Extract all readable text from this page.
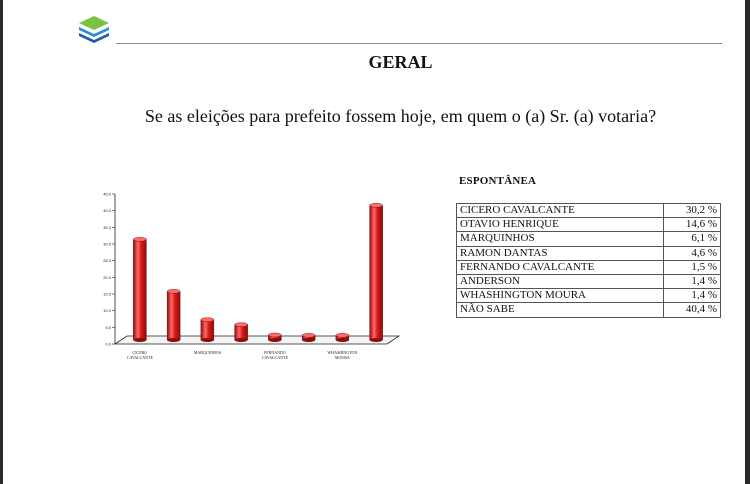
GERAL
Se as eleições para prefeito fossem hoje, em quem o (a) Sr. (a) votaria?
0.0
5.0
10.0
15.0
20.0
25.0
30.0
35.0
40.0
45.0
CICERO
CAVALCANTE
MARQUINHOS	FERNANDO
CAVALCANTE
WHASHINGTON
MOURA
ESPONTÂNEA
CICERO CAVALCANTE	30,2 %
OTAVIO HENRIQUE	14,6 %
MARQUINHOS	6,1 %
RAMON DANTAS	4,6 %
FERNANDO CAVALCANTE	1,5 %
ANDERSON	1,4 %
WHASHINGTON MOURA	1,4 %
NÃO SABE	40,4 %
